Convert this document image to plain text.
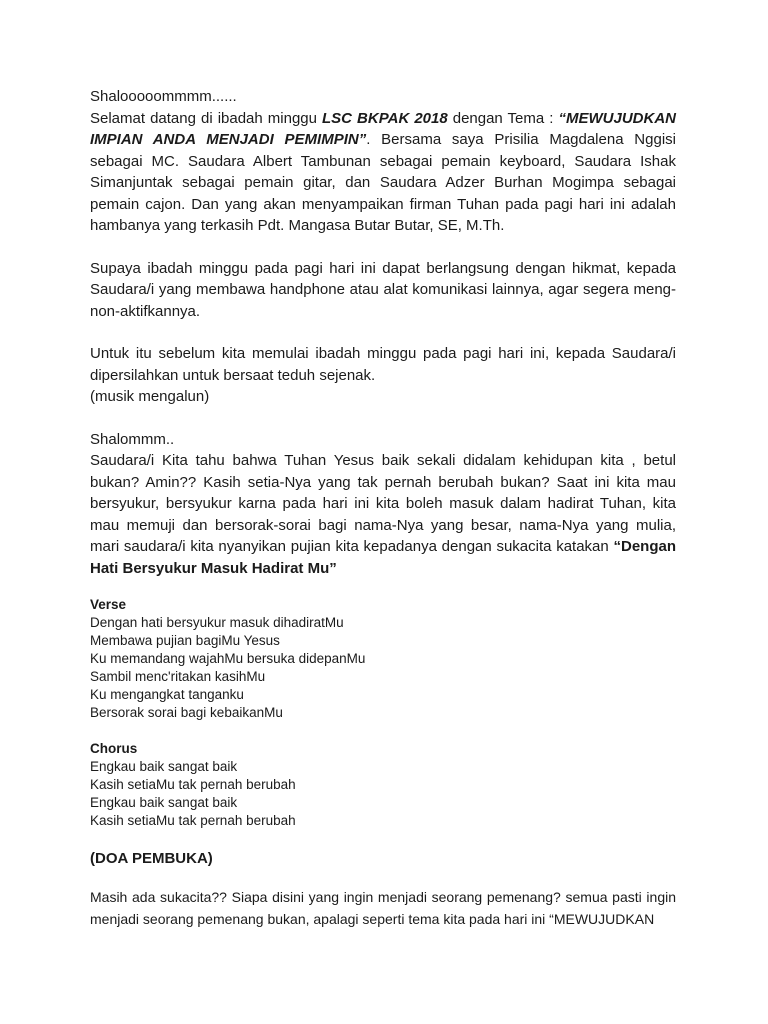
Shalooooommmm......

Selamat datang di ibadah minggu LSC BKPAK 2018 dengan Tema : “MEWUJUDKAN IMPIAN ANDA MENJADI PEMIMPIN”. Bersama saya Prisilia Magdalena Nggisi sebagai MC. Saudara Albert Tambunan sebagai pemain keyboard, Saudara Ishak Simanjuntak sebagai pemain gitar, dan Saudara Adzer Burhan Mogimpa sebagai pemain cajon. Dan yang akan menyampaikan firman Tuhan pada pagi hari ini adalah hambanya yang terkasih Pdt. Mangasa Butar Butar, SE, M.Th.

Supaya ibadah minggu pada pagi hari ini dapat berlangsung dengan hikmat, kepada Saudara/i yang membawa handphone atau alat komunikasi lainnya, agar segera meng-non-aktifkannya.

Untuk itu sebelum kita memulai ibadah minggu pada pagi hari ini, kepada Saudara/i dipersilahkan untuk bersaat teduh sejenak.

(musik mengalun)

Shalommm..

Saudara/i Kita tahu bahwa Tuhan Yesus baik sekali didalam kehidupan kita , betul bukan? Amin?? Kasih setia-Nya yang tak pernah berubah bukan? Saat ini kita mau bersyukur, bersyukur karna pada hari ini kita boleh masuk dalam hadirat Tuhan, kita mau memuji dan bersorak-sorai bagi nama-Nya yang besar, nama-Nya yang mulia, mari saudara/i kita nyanyikan pujian kita kepadanya dengan sukacita katakan “Dengan Hati Bersyukur Masuk Hadirat Mu”

Verse
Dengan hati bersyukur masuk dihadiratMu
Membawa pujian bagiMu Yesus
Ku memandang wajahMu bersuka didepanMu
Sambil menc'ritakan kasihMu
Ku mengangkat tanganku
Bersorak sorai bagi kebaikanMu
Chorus
Engkau baik sangat baik
Kasih setiaMu tak pernah berubah
Engkau baik sangat baik
Kasih setiaMu tak pernah berubah

(DOA PEMBUKA)

Masih ada sukacita?? Siapa disini yang ingin menjadi seorang pemenang? semua pasti ingin menjadi seorang pemenang bukan, apalagi seperti tema kita pada hari ini “MEWUJUDKAN
